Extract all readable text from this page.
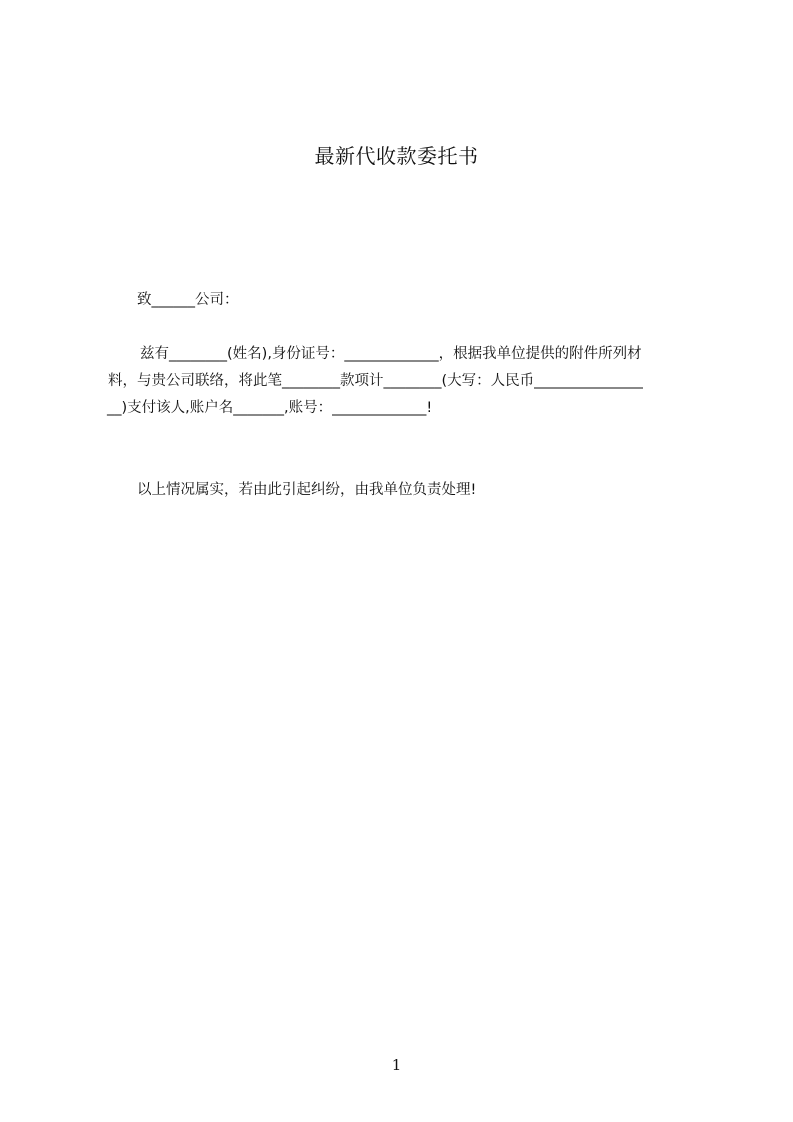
最新代收款委托书

致______公司：

兹有________(姓名),身份证号：_____________，根据我单位提供的附件所列材

料，与贵公司联络，将此笔________款项计________(大写：人民币_______________

__)支付该人,账户名_______,账号：_____________!

以上情况属实，若由此引起纠纷，由我单位负责处理!

1
